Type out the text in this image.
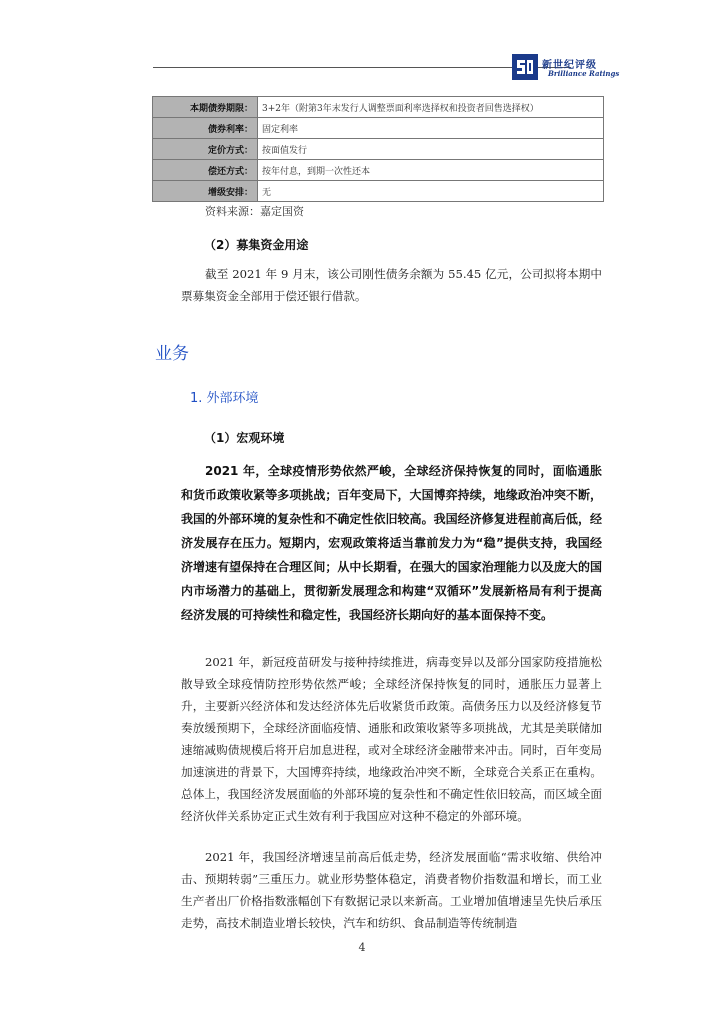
新世纪评级
Brilliance Ratings
本期债券期限：	3+2年（附第3年末发行人调整票面利率选择权和投资者回售选择权）
债券利率：	固定利率
定价方式：	按面值发行
偿还方式：	按年付息，到期一次性还本
增级安排：	无
资料来源：嘉定国资
（2）募集资金用途

截至 2021 年 9 月末，该公司刚性债务余额为 55.45 亿元，公司拟将本期中票募集资金全部用于偿还银行借款。

业务
1. 外部环境
（1）宏观环境

2021 年，全球疫情形势依然严峻，全球经济保持恢复的同时，面临通胀和货币政策收紧等多项挑战；百年变局下，大国博弈持续，地缘政治冲突不断，我国的外部环境的复杂性和不确定性依旧较高。我国经济修复进程前高后低，经济发展存在压力。短期内，宏观政策将适当靠前发力为“稳”提供支持，我国经济增速有望保持在合理区间；从中长期看，在强大的国家治理能力以及庞大的国内市场潜力的基础上，贯彻新发展理念和构建“双循环”发展新格局有利于提高经济发展的可持续性和稳定性，我国经济长期向好的基本面保持不变。

2021 年，新冠疫苗研发与接种持续推进，病毒变异以及部分国家防疫措施松散导致全球疫情防控形势依然严峻；全球经济保持恢复的同时，通胀压力显著上升，主要新兴经济体和发达经济体先后收紧货币政策。高债务压力以及经济修复节奏放缓预期下，全球经济面临疫情、通胀和政策收紧等多项挑战，尤其是美联储加速缩减购债规模后将开启加息进程，或对全球经济金融带来冲击。同时，百年变局加速演进的背景下，大国博弈持续，地缘政治冲突不断，全球竞合关系正在重构。总体上，我国经济发展面临的外部环境的复杂性和不确定性依旧较高，而区域全面经济伙伴关系协定正式生效有利于我国应对这种不稳定的外部环境。

2021 年，我国经济增速呈前高后低走势，经济发展面临“需求收缩、供给冲击、预期转弱”三重压力。就业形势整体稳定，消费者物价指数温和增长，而工业生产者出厂价格指数涨幅创下有数据记录以来新高。工业增加值增速呈先快后承压走势，高技术制造业增长较快，汽车和纺织、食品制造等传统制造

4
